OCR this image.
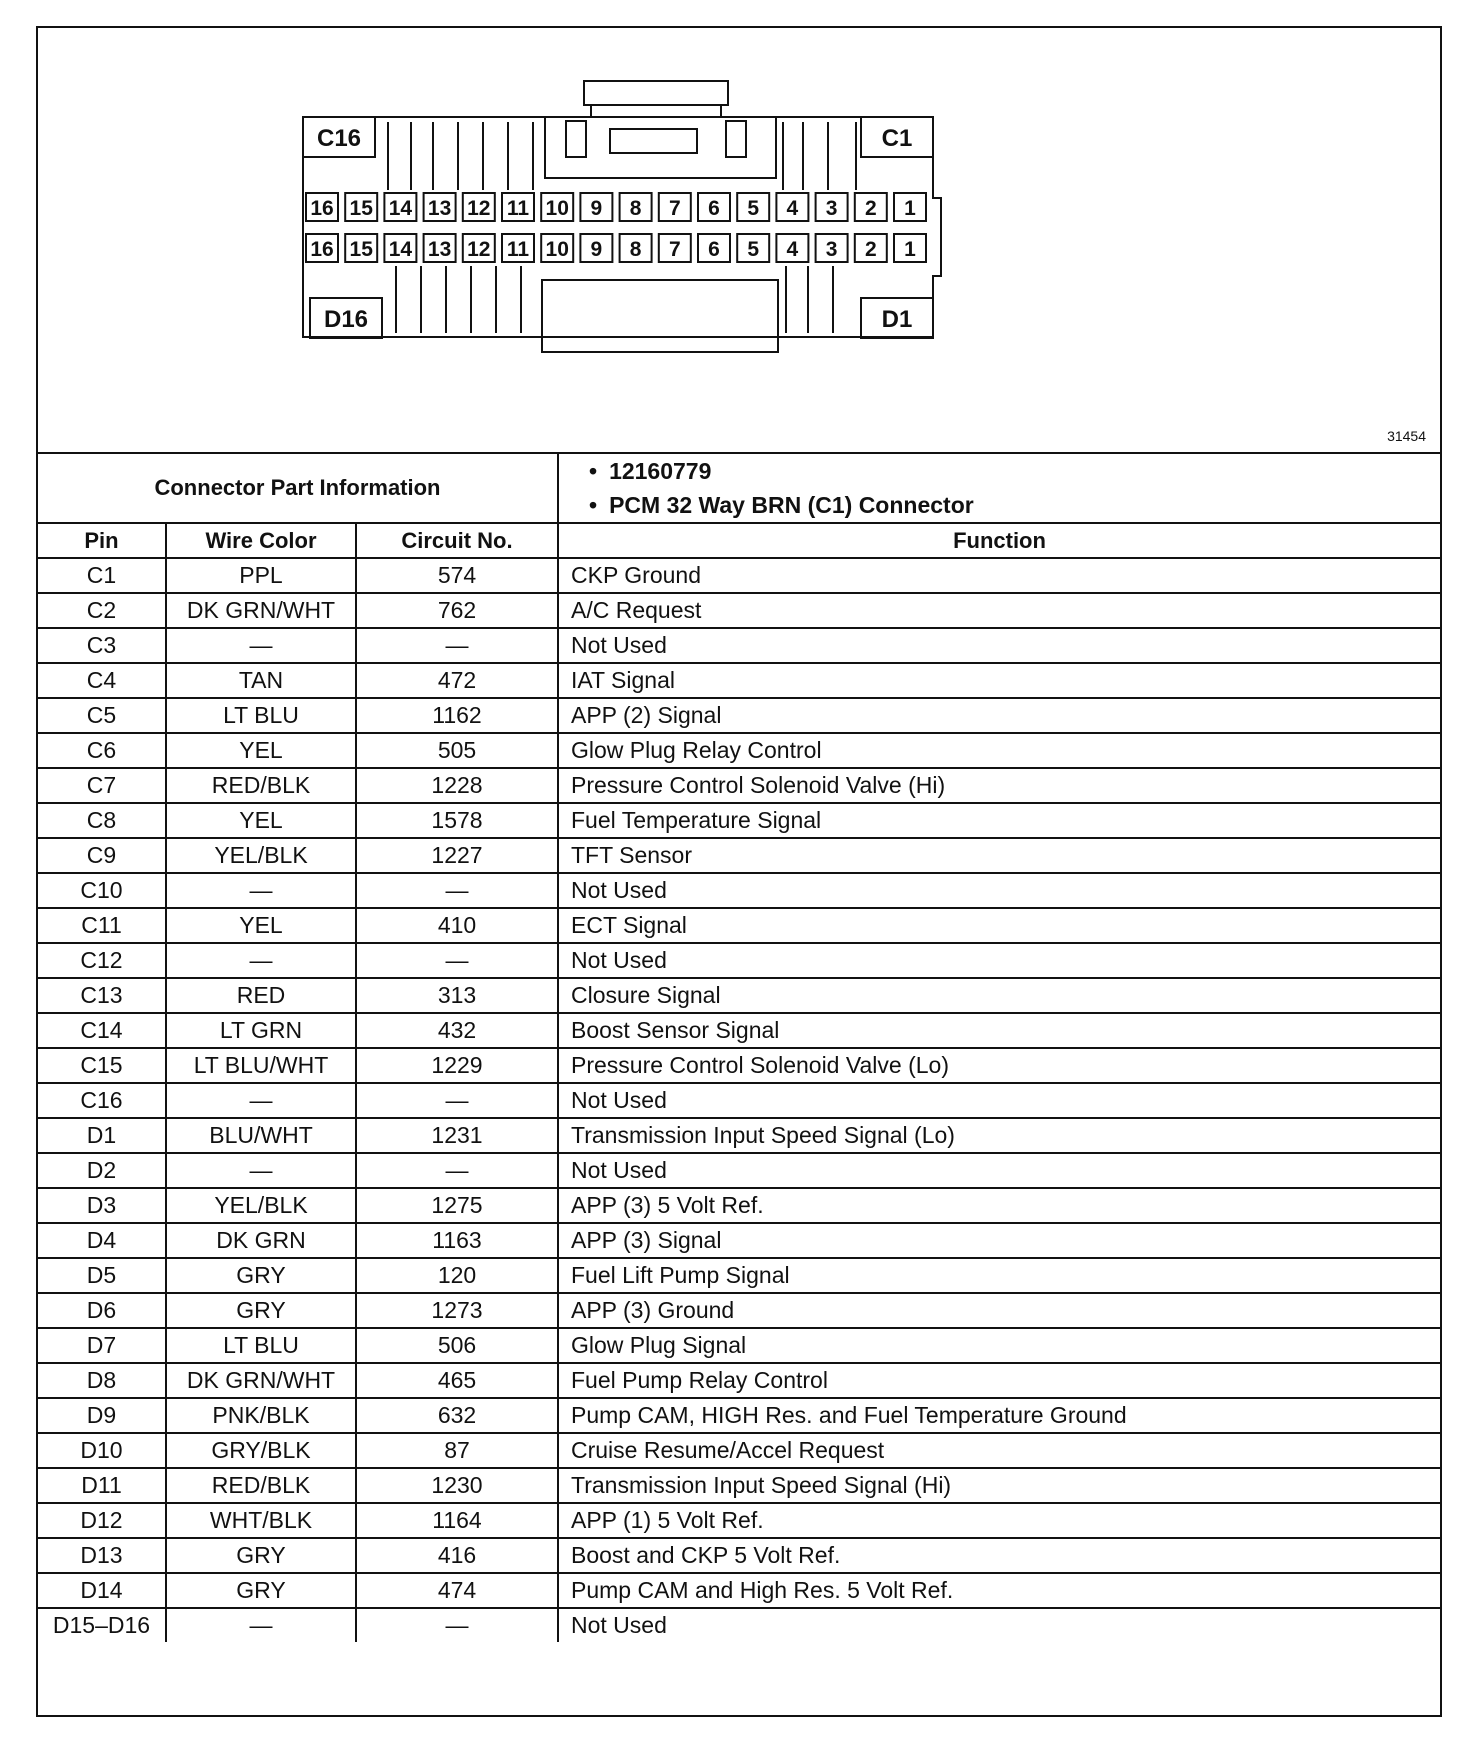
C16	C1
D16	D1
16 15 14 13 12 11 10 9 8 7 6 5 4 3 2 1
16 15 14 13 12 11 10 9 8 7 6 5 4 3 2 1
31454
Connector Part Information			• 12160779
• PCM 32 Way BRN (C1) Connector

Pin	Wire Color	Circuit No.	Function
C1	PPL	574	CKP Ground
C2	DK GRN/WHT	762	A/C Request
C3	—	—	Not Used
C4	TAN	472	IAT Signal
C5	LT BLU	1162	APP (2) Signal
C6	YEL	505	Glow Plug Relay Control
C7	RED/BLK	1228	Pressure Control Solenoid Valve (Hi)
C8	YEL	1578	Fuel Temperature Signal
C9	YEL/BLK	1227	TFT Sensor
C10	—	—	Not Used
C11	YEL	410	ECT Signal
C12	—	—	Not Used
C13	RED	313	Closure Signal
C14	LT GRN	432	Boost Sensor Signal
C15	LT BLU/WHT	1229	Pressure Control Solenoid Valve (Lo)
C16	—	—	Not Used
D1	BLU/WHT	1231	Transmission Input Speed Signal (Lo)
D2	—	—	Not Used
D3	YEL/BLK	1275	APP (3) 5 Volt Ref.
D4	DK GRN	1163	APP (3) Signal
D5	GRY	120	Fuel Lift Pump Signal
D6	GRY	1273	APP (3) Ground
D7	LT BLU	506	Glow Plug Signal
D8	DK GRN/WHT	465	Fuel Pump Relay Control
D9	PNK/BLK	632	Pump CAM, HIGH Res. and Fuel Temperature Ground
D10	GRY/BLK	87	Cruise Resume/Accel Request
D11	RED/BLK	1230	Transmission Input Speed Signal (Hi)
D12	WHT/BLK	1164	APP (1) 5 Volt Ref.
D13	GRY	416	Boost and CKP 5 Volt Ref.
D14	GRY	474	Pump CAM and High Res. 5 Volt Ref.
D15–D16	—	—	Not Used
